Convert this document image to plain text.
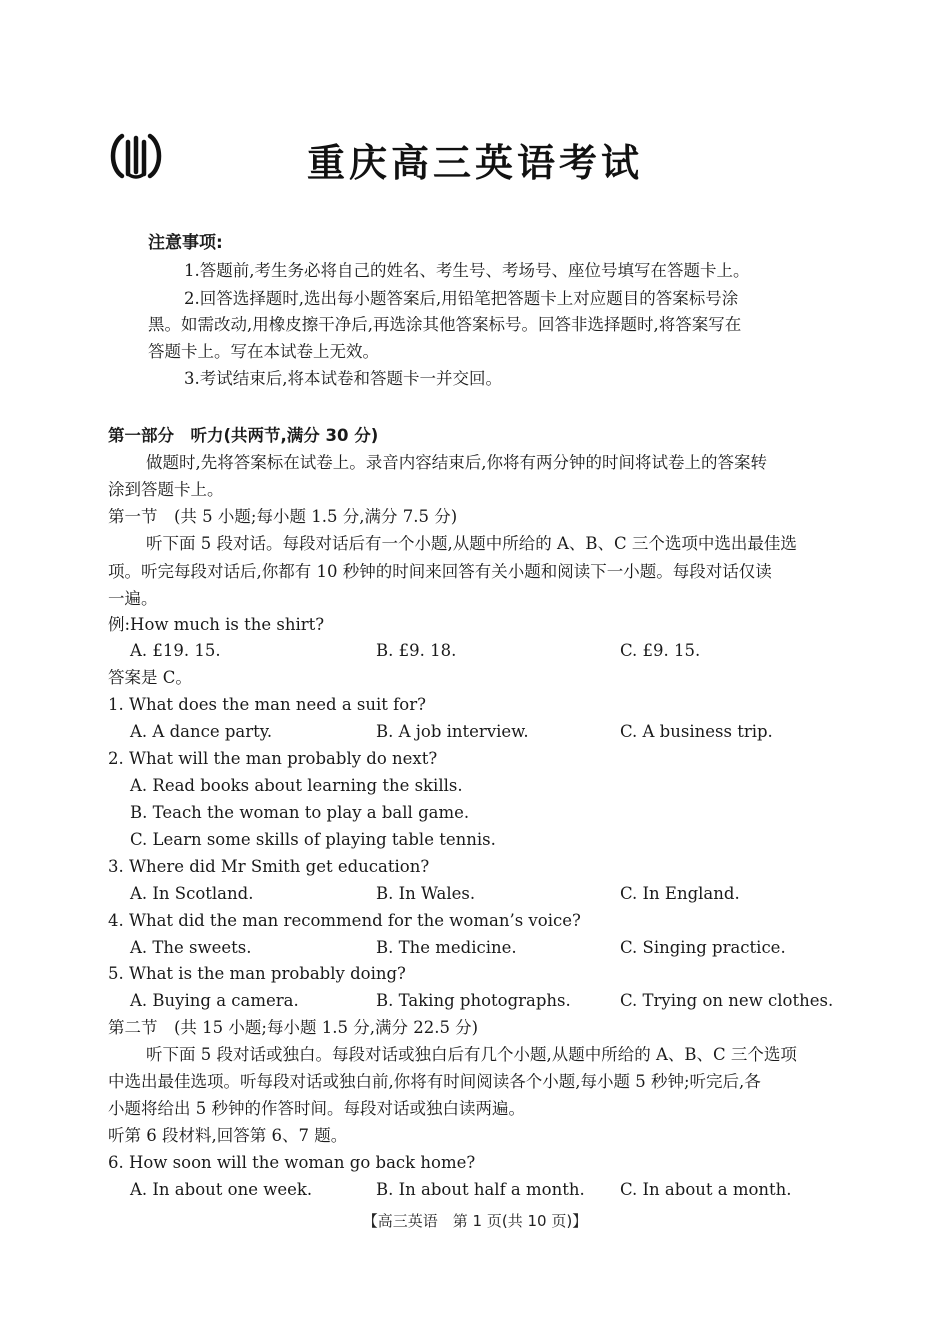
重庆高三英语考试
注意事项:
1.答题前,考生务必将自己的姓名、考生号、考场号、座位号填写在答题卡上。
2.回答选择题时,选出每小题答案后,用铅笔把答题卡上对应题目的答案标号涂
黑。如需改动,用橡皮擦干净后,再选涂其他答案标号。回答非选择题时,将答案写在
答题卡上。写在本试卷上无效。
3.考试结束后,将本试卷和答题卡一并交回。
第一部分　听力(共两节,满分 30 分)
做题时,先将答案标在试卷上。录音内容结束后,你将有两分钟的时间将试卷上的答案转
涂到答题卡上。
第一节　(共 5 小题;每小题 1.5 分,满分 7.5 分)
听下面 5 段对话。每段对话后有一个小题,从题中所给的 A、B、C 三个选项中选出最佳选
项。听完每段对话后,你都有 10 秒钟的时间来回答有关小题和阅读下一小题。每段对话仅读
一遍。
例:How much is the shirt?
A. £19. 15.	B. £9. 18.	C. £9. 15.
答案是 C。
1. What does the man need a suit for?
A. A dance party.	B. A job interview.	C. A business trip.
2. What will the man probably do next?
A. Read books about learning the skills.
B. Teach the woman to play a ball game.
C. Learn some skills of playing table tennis.
3. Where did Mr Smith get education?
A. In Scotland.	B. In Wales.	C. In England.
4. What did the man recommend for the woman’s voice?
A. The sweets.	B. The medicine.	C. Singing practice.
5. What is the man probably doing?
A. Buying a camera.	B. Taking photographs.	C. Trying on new clothes.
第二节　(共 15 小题;每小题 1.5 分,满分 22.5 分)
听下面 5 段对话或独白。每段对话或独白后有几个小题,从题中所给的 A、B、C 三个选项
中选出最佳选项。听每段对话或独白前,你将有时间阅读各个小题,每小题 5 秒钟;听完后,各
小题将给出 5 秒钟的作答时间。每段对话或独白读两遍。
听第 6 段材料,回答第 6、7 题。
6. How soon will the woman go back home?
A. In about one week.	B. In about half a month. C. In about a month.
【高三英语　第 1 页(共 10 页)】
